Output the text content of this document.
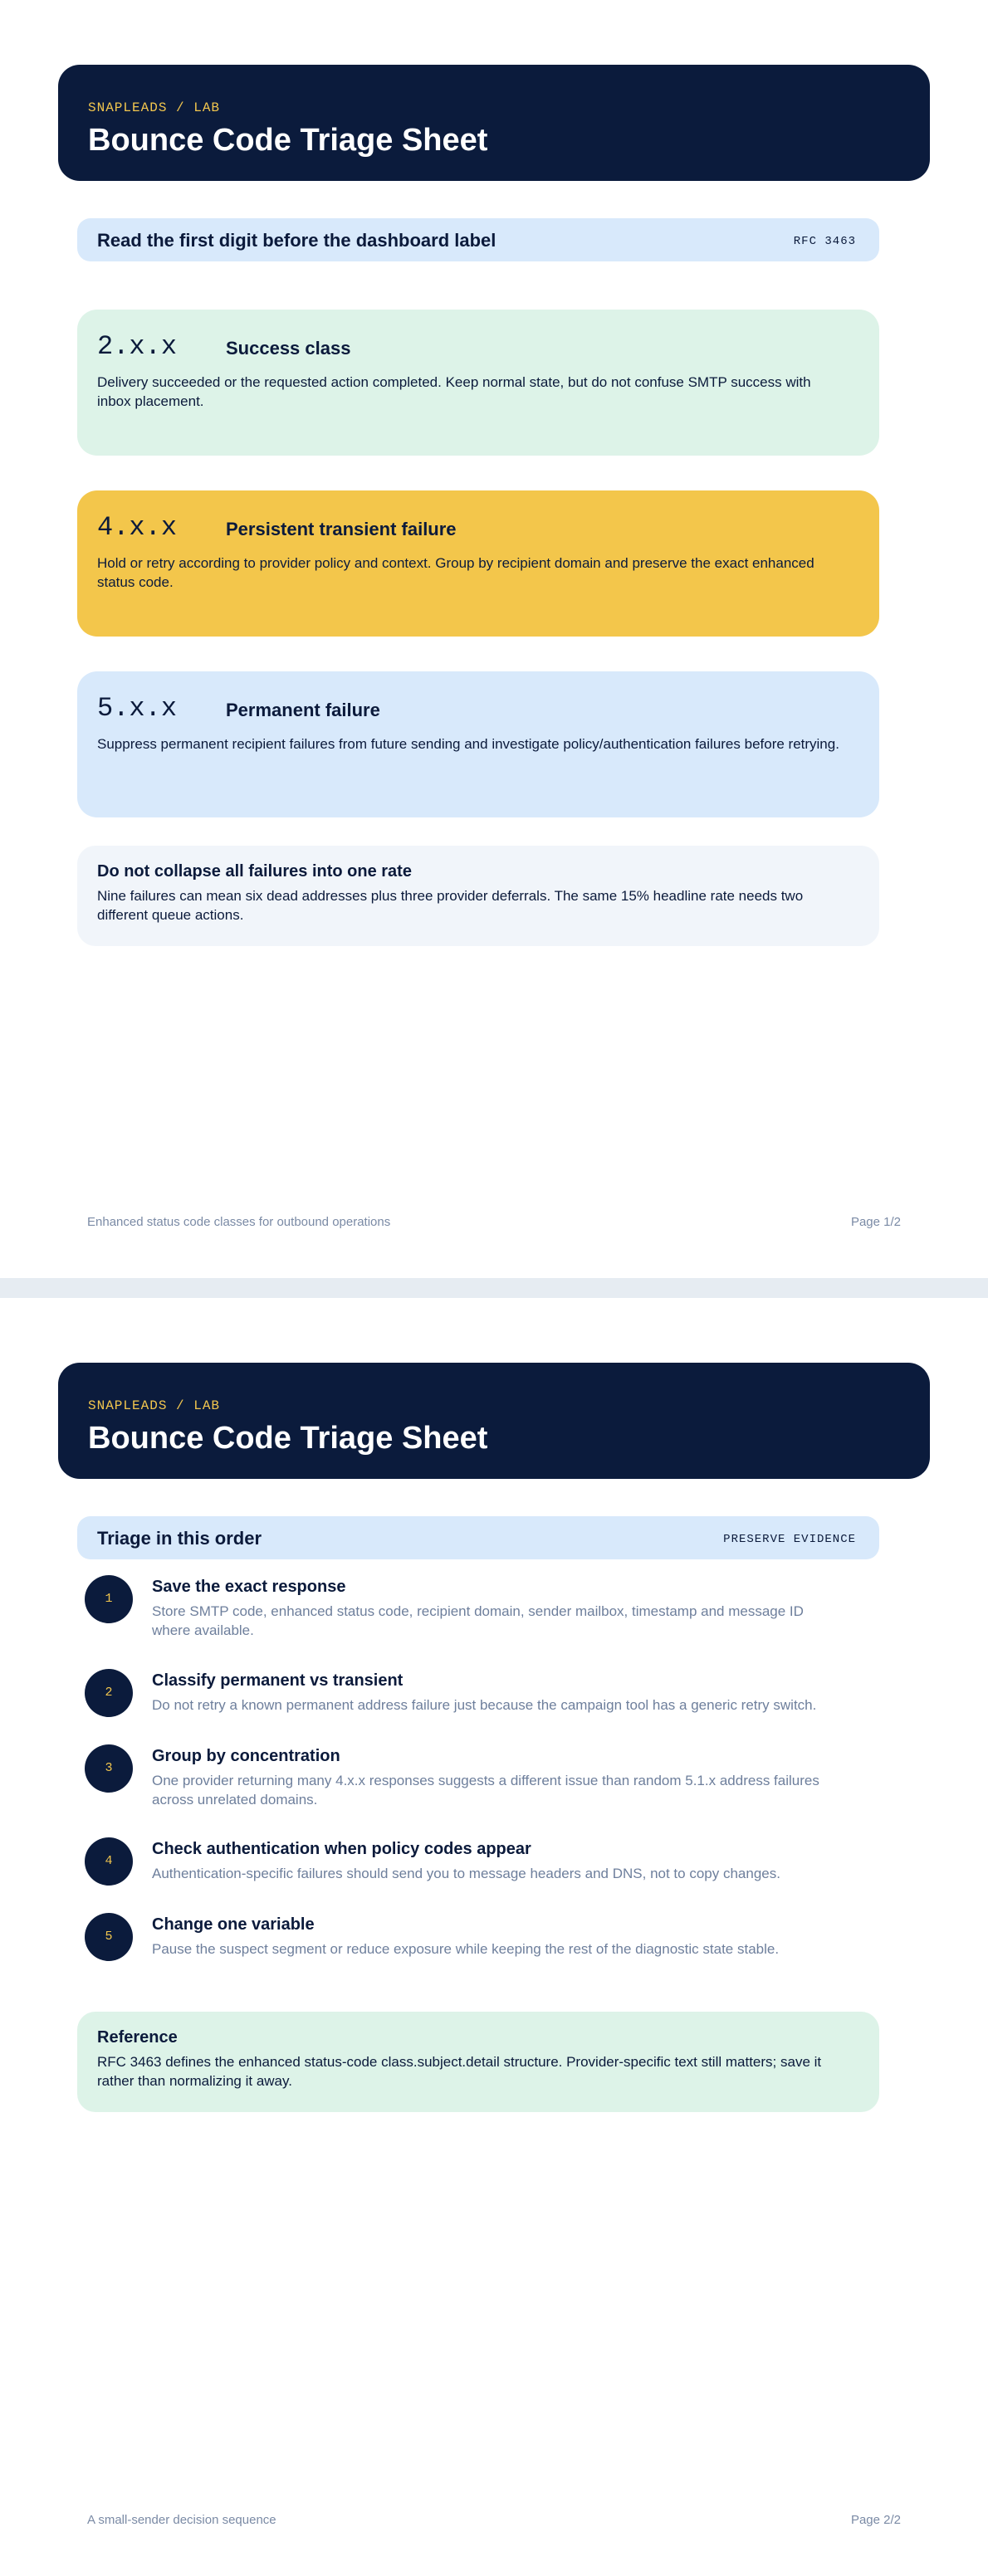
SNAPLEADS / LAB
Bounce Code Triage Sheet
Read the first digit before the dashboard label	RFC 3463
2.x.x	Success class
Delivery succeeded or the requested action completed. Keep normal state, but do not confuse SMTP success with inbox placement.
4.x.x	Persistent transient failure
Hold or retry according to provider policy and context. Group by recipient domain and preserve the exact enhanced status code.
5.x.x	Permanent failure
Suppress permanent recipient failures from future sending and investigate policy/authentication failures before retrying.
Do not collapse all failures into one rate
Nine failures can mean six dead addresses plus three provider deferrals. The same 15% headline rate needs two different queue actions.
Enhanced status code classes for outbound operations	Page 1/2
SNAPLEADS / LAB
Bounce Code Triage Sheet
Triage in this order	PRESERVE EVIDENCE
1
Save the exact response
Store SMTP code, enhanced status code, recipient domain, sender mailbox, timestamp and message ID where available.
2
Classify permanent vs transient
Do not retry a known permanent address failure just because the campaign tool has a generic retry switch.
3
Group by concentration
One provider returning many 4.x.x responses suggests a different issue than random 5.1.x address failures across unrelated domains.
4
Check authentication when policy codes appear
Authentication-specific failures should send you to message headers and DNS, not to copy changes.
5
Change one variable
Pause the suspect segment or reduce exposure while keeping the rest of the diagnostic state stable.
Reference
RFC 3463 defines the enhanced status-code class.subject.detail structure. Provider-specific text still matters; save it rather than normalizing it away.
A small-sender decision sequence	Page 2/2
